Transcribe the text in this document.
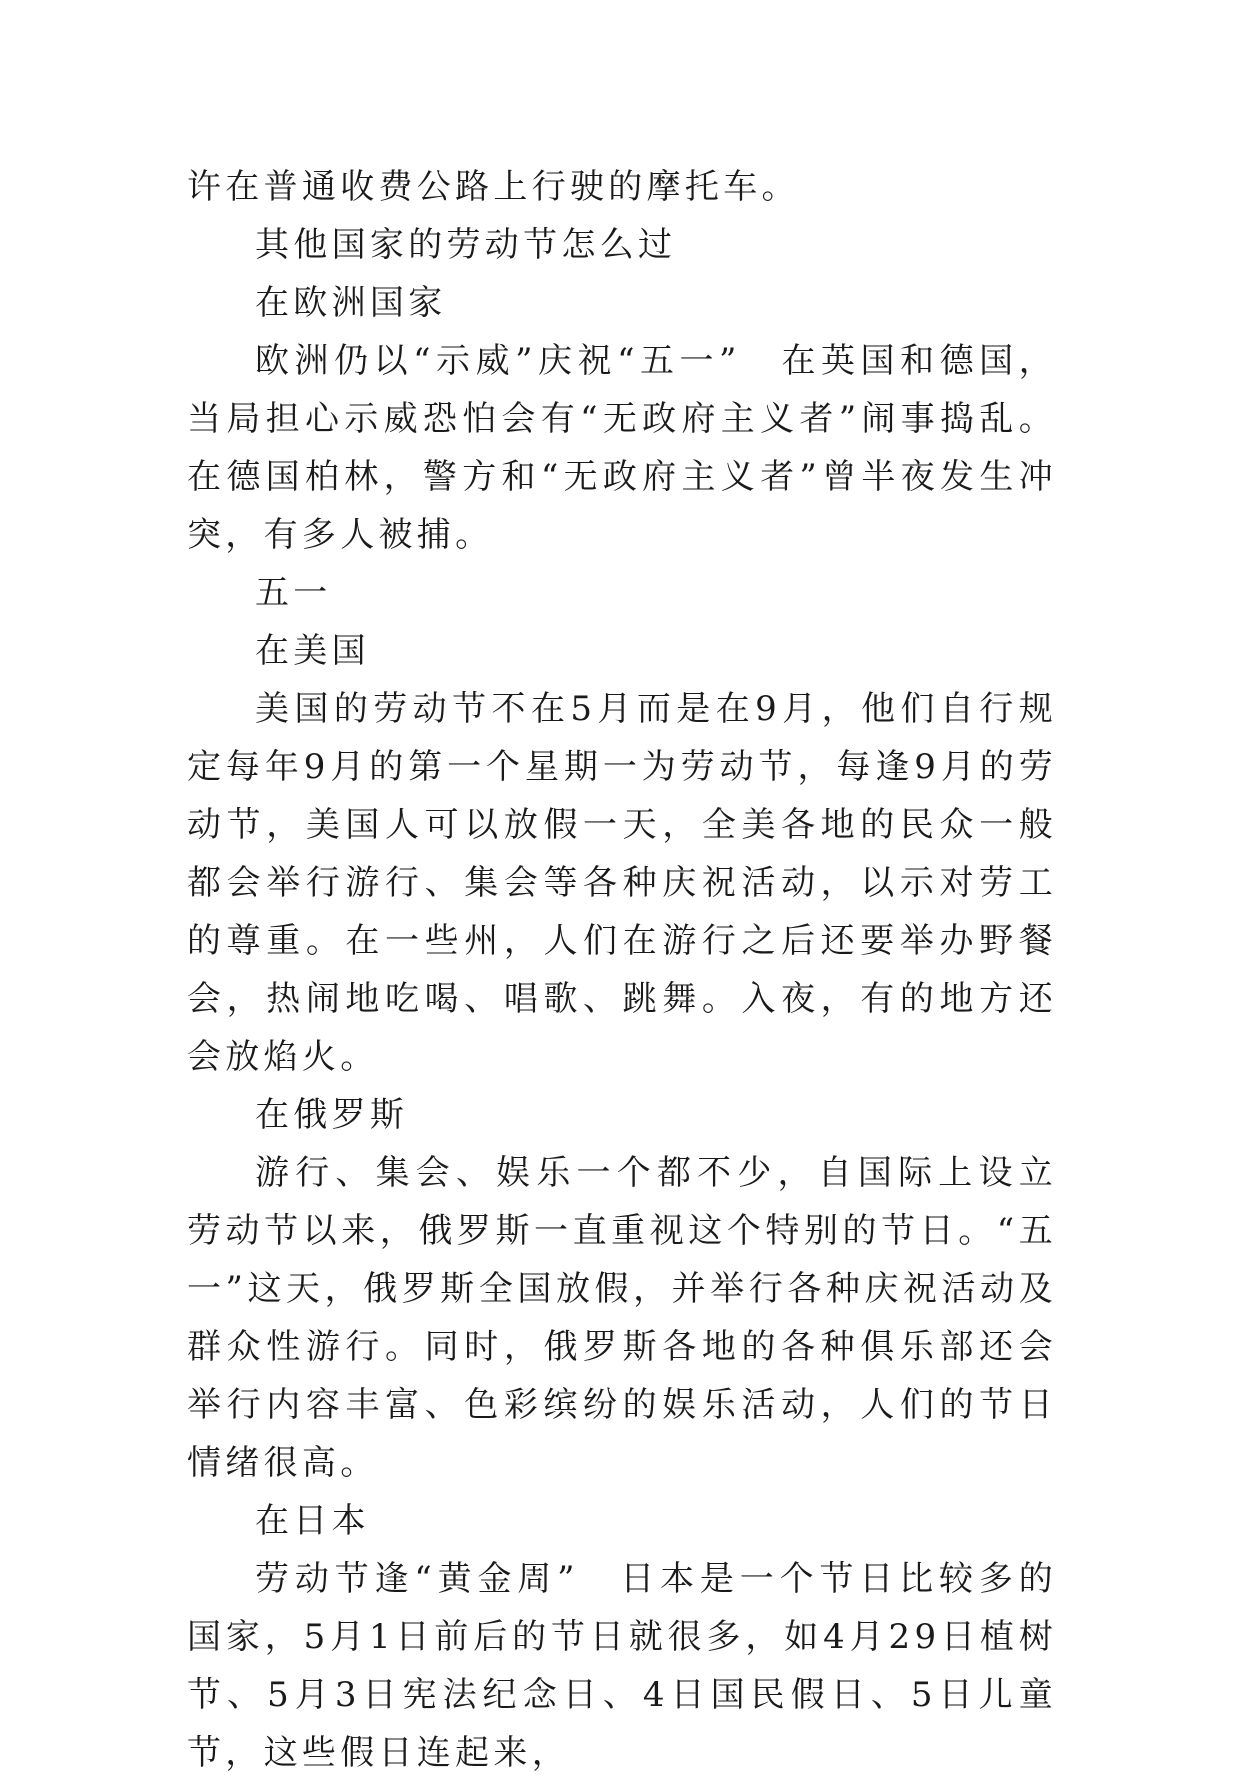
许在普通收费公路上行驶的摩托车。

其他国家的劳动节怎么过

在欧洲国家

欧洲仍以“示威”庆祝“五一”　在英国和德国，当局担心示威恐怕会有“无政府主义者”闹事捣乱。在德国柏林，警方和“无政府主义者”曾半夜发生冲突，有多人被捕。

五一

在美国

美国的劳动节不在5月而是在9月，他们自行规定每年9月的第一个星期一为劳动节，每逢9月的劳动节，美国人可以放假一天，全美各地的民众一般都会举行游行、集会等各种庆祝活动，以示对劳工的尊重。在一些州，人们在游行之后还要举办野餐会，热闹地吃喝、唱歌、跳舞。入夜，有的地方还会放焰火。

在俄罗斯

游行、集会、娱乐一个都不少，自国际上设立劳动节以来，俄罗斯一直重视这个特别的节日。“五一”这天，俄罗斯全国放假，并举行各种庆祝活动及群众性游行。同时，俄罗斯各地的各种俱乐部还会举行内容丰富、色彩缤纷的娱乐活动，人们的节日情绪很高。

在日本

劳动节逢“黄金周”　日本是一个节日比较多的国家，5月1日前后的节日就很多，如4月29日植树节、5月3日宪法纪念日、4日国民假日、5日儿童节，这些假日连起来，
